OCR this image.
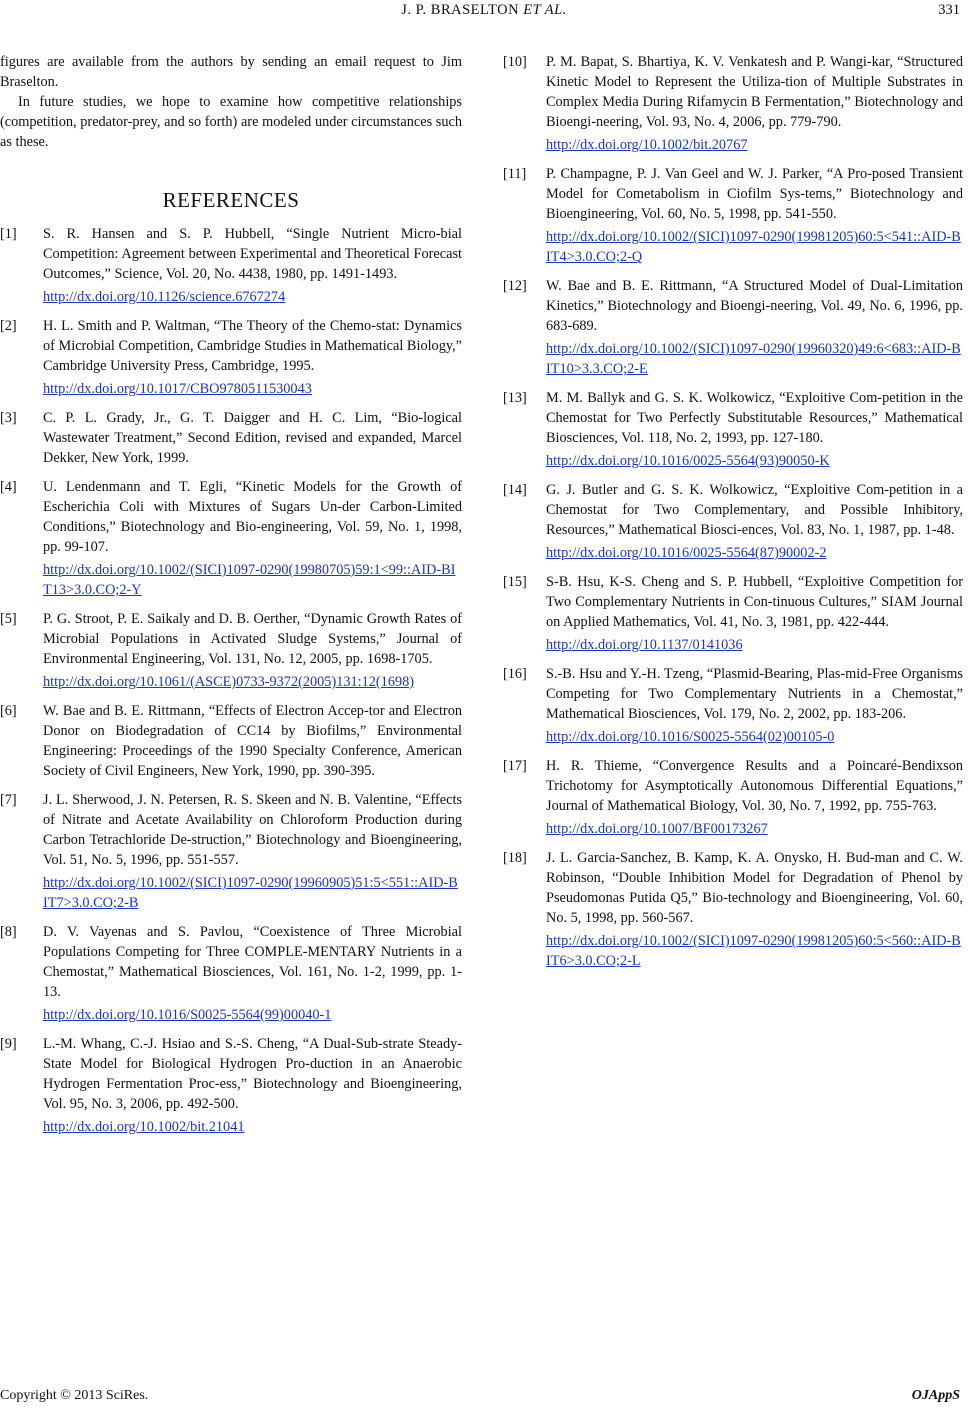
J. P. BRASELTON ET AL.	331

figures are available from the authors by sending an email request to Jim Braselton.

In future studies, we hope to examine how competitive relationships (competition, predator-prey, and so forth) are modeled under circumstances such as these.

REFERENCES
[1] S. R. Hansen and S. P. Hubbell, “Single Nutrient Micro-bial Competition: Agreement between Experimental and Theoretical Forecast Outcomes,” Science, Vol. 20, No. 4438, 1980, pp. 1491-1493.
http://dx.doi.org/10.1126/science.6767274
[2] H. L. Smith and P. Waltman, “The Theory of the Chemo-stat: Dynamics of Microbial Competition, Cambridge Studies in Mathematical Biology,” Cambridge University Press, Cambridge, 1995.
http://dx.doi.org/10.1017/CBO9780511530043
[3] C. P. L. Grady, Jr., G. T. Daigger and H. C. Lim, “Bio-logical Wastewater Treatment,” Second Edition, revised and expanded, Marcel Dekker, New York, 1999.
[4] U. Lendenmann and T. Egli, “Kinetic Models for the Growth of Escherichia Coli with Mixtures of Sugars Un-der Carbon-Limited Conditions,” Biotechnology and Bio-engineering, Vol. 59, No. 1, 1998, pp. 99-107.
http://dx.doi.org/10.1002/(SICI)1097-0290(19980705)59:1<99::AID-BIT13>3.0.CO;2-Y
[5] P. G. Stroot, P. E. Saikaly and D. B. Oerther, “Dynamic Growth Rates of Microbial Populations in Activated Sludge Systems,” Journal of Environmental Engineering, Vol. 131, No. 12, 2005, pp. 1698-1705.
http://dx.doi.org/10.1061/(ASCE)0733-9372(2005)131:12(1698)
[6] W. Bae and B. E. Rittmann, “Effects of Electron Accep-tor and Electron Donor on Biodegradation of CC14 by Biofilms,” Environmental Engineering: Proceedings of the 1990 Specialty Conference, American Society of Civil Engineers, New York, 1990, pp. 390-395.
[7] J. L. Sherwood, J. N. Petersen, R. S. Skeen and N. B. Valentine, “Effects of Nitrate and Acetate Availability on Chloroform Production during Carbon Tetrachloride De-struction,” Biotechnology and Bioengineering, Vol. 51, No. 5, 1996, pp. 551-557.
http://dx.doi.org/10.1002/(SICI)1097-0290(19960905)51:5<551::AID-BIT7>3.0.CO;2-B
[8] D. V. Vayenas and S. Pavlou, “Coexistence of Three Microbial Populations Competing for Three COMPLE-MENTARY Nutrients in a Chemostat,” Mathematical Biosciences, Vol. 161, No. 1-2, 1999, pp. 1-13.
http://dx.doi.org/10.1016/S0025-5564(99)00040-1
[9] L.-M. Whang, C.-J. Hsiao and S.-S. Cheng, “A Dual-Sub-strate Steady-State Model for Biological Hydrogen Pro-duction in an Anaerobic Hydrogen Fermentation Proc-ess,” Biotechnology and Bioengineering, Vol. 95, No. 3, 2006, pp. 492-500.
http://dx.doi.org/10.1002/bit.21041
[10] P. M. Bapat, S. Bhartiya, K. V. Venkatesh and P. Wangi-kar, “Structured Kinetic Model to Represent the Utiliza-tion of Multiple Substrates in Complex Media During Rifamycin B Fermentation,” Biotechnology and Bioengi-neering, Vol. 93, No. 4, 2006, pp. 779-790.
http://dx.doi.org/10.1002/bit.20767
[11] P. Champagne, P. J. Van Geel and W. J. Parker, “A Pro-posed Transient Model for Cometabolism in Ciofilm Sys-tems,” Biotechnology and Bioengineering, Vol. 60, No. 5, 1998, pp. 541-550.
http://dx.doi.org/10.1002/(SICI)1097-0290(19981205)60:5<541::AID-BIT4>3.0.CO;2-Q
[12] W. Bae and B. E. Rittmann, “A Structured Model of Dual-Limitation Kinetics,” Biotechnology and Bioengi-neering, Vol. 49, No. 6, 1996, pp. 683-689.
http://dx.doi.org/10.1002/(SICI)1097-0290(19960320)49:6<683::AID-BIT10>3.3.CO;2-E
[13] M. M. Ballyk and G. S. K. Wolkowicz, “Exploitive Com-petition in the Chemostat for Two Perfectly Substitutable Resources,” Mathematical Biosciences, Vol. 118, No. 2, 1993, pp. 127-180.
http://dx.doi.org/10.1016/0025-5564(93)90050-K
[14] G. J. Butler and G. S. K. Wolkowicz, “Exploitive Com-petition in a Chemostat for Two Complementary, and Possible Inhibitory, Resources,” Mathematical Biosci-ences, Vol. 83, No. 1, 1987, pp. 1-48.
http://dx.doi.org/10.1016/0025-5564(87)90002-2
[15] S-B. Hsu, K-S. Cheng and S. P. Hubbell, “Exploitive Competition for Two Complementary Nutrients in Con-tinuous Cultures,” SIAM Journal on Applied Mathematics, Vol. 41, No. 3, 1981, pp. 422-444.
http://dx.doi.org/10.1137/0141036
[16] S.-B. Hsu and Y.-H. Tzeng, “Plasmid-Bearing, Plas-mid-Free Organisms Competing for Two Complementary Nutrients in a Chemostat,” Mathematical Biosciences, Vol. 179, No. 2, 2002, pp. 183-206.
http://dx.doi.org/10.1016/S0025-5564(02)00105-0
[17] H. R. Thieme, “Convergence Results and a Poincaré-Bendixson Trichotomy for Asymptotically Autonomous Differential Equations,” Journal of Mathematical Biology, Vol. 30, No. 7, 1992, pp. 755-763.
http://dx.doi.org/10.1007/BF00173267
[18] J. L. Garcia-Sanchez, B. Kamp, K. A. Onysko, H. Bud-man and C. W. Robinson, “Double Inhibition Model for Degradation of Phenol by Pseudomonas Putida Q5,” Bio-technology and Bioengineering, Vol. 60, No. 5, 1998, pp. 560-567.
http://dx.doi.org/10.1002/(SICI)1097-0290(19981205)60:5<560::AID-BIT6>3.0.CO;2-L
Copyright © 2013 SciRes.	OJAppS
